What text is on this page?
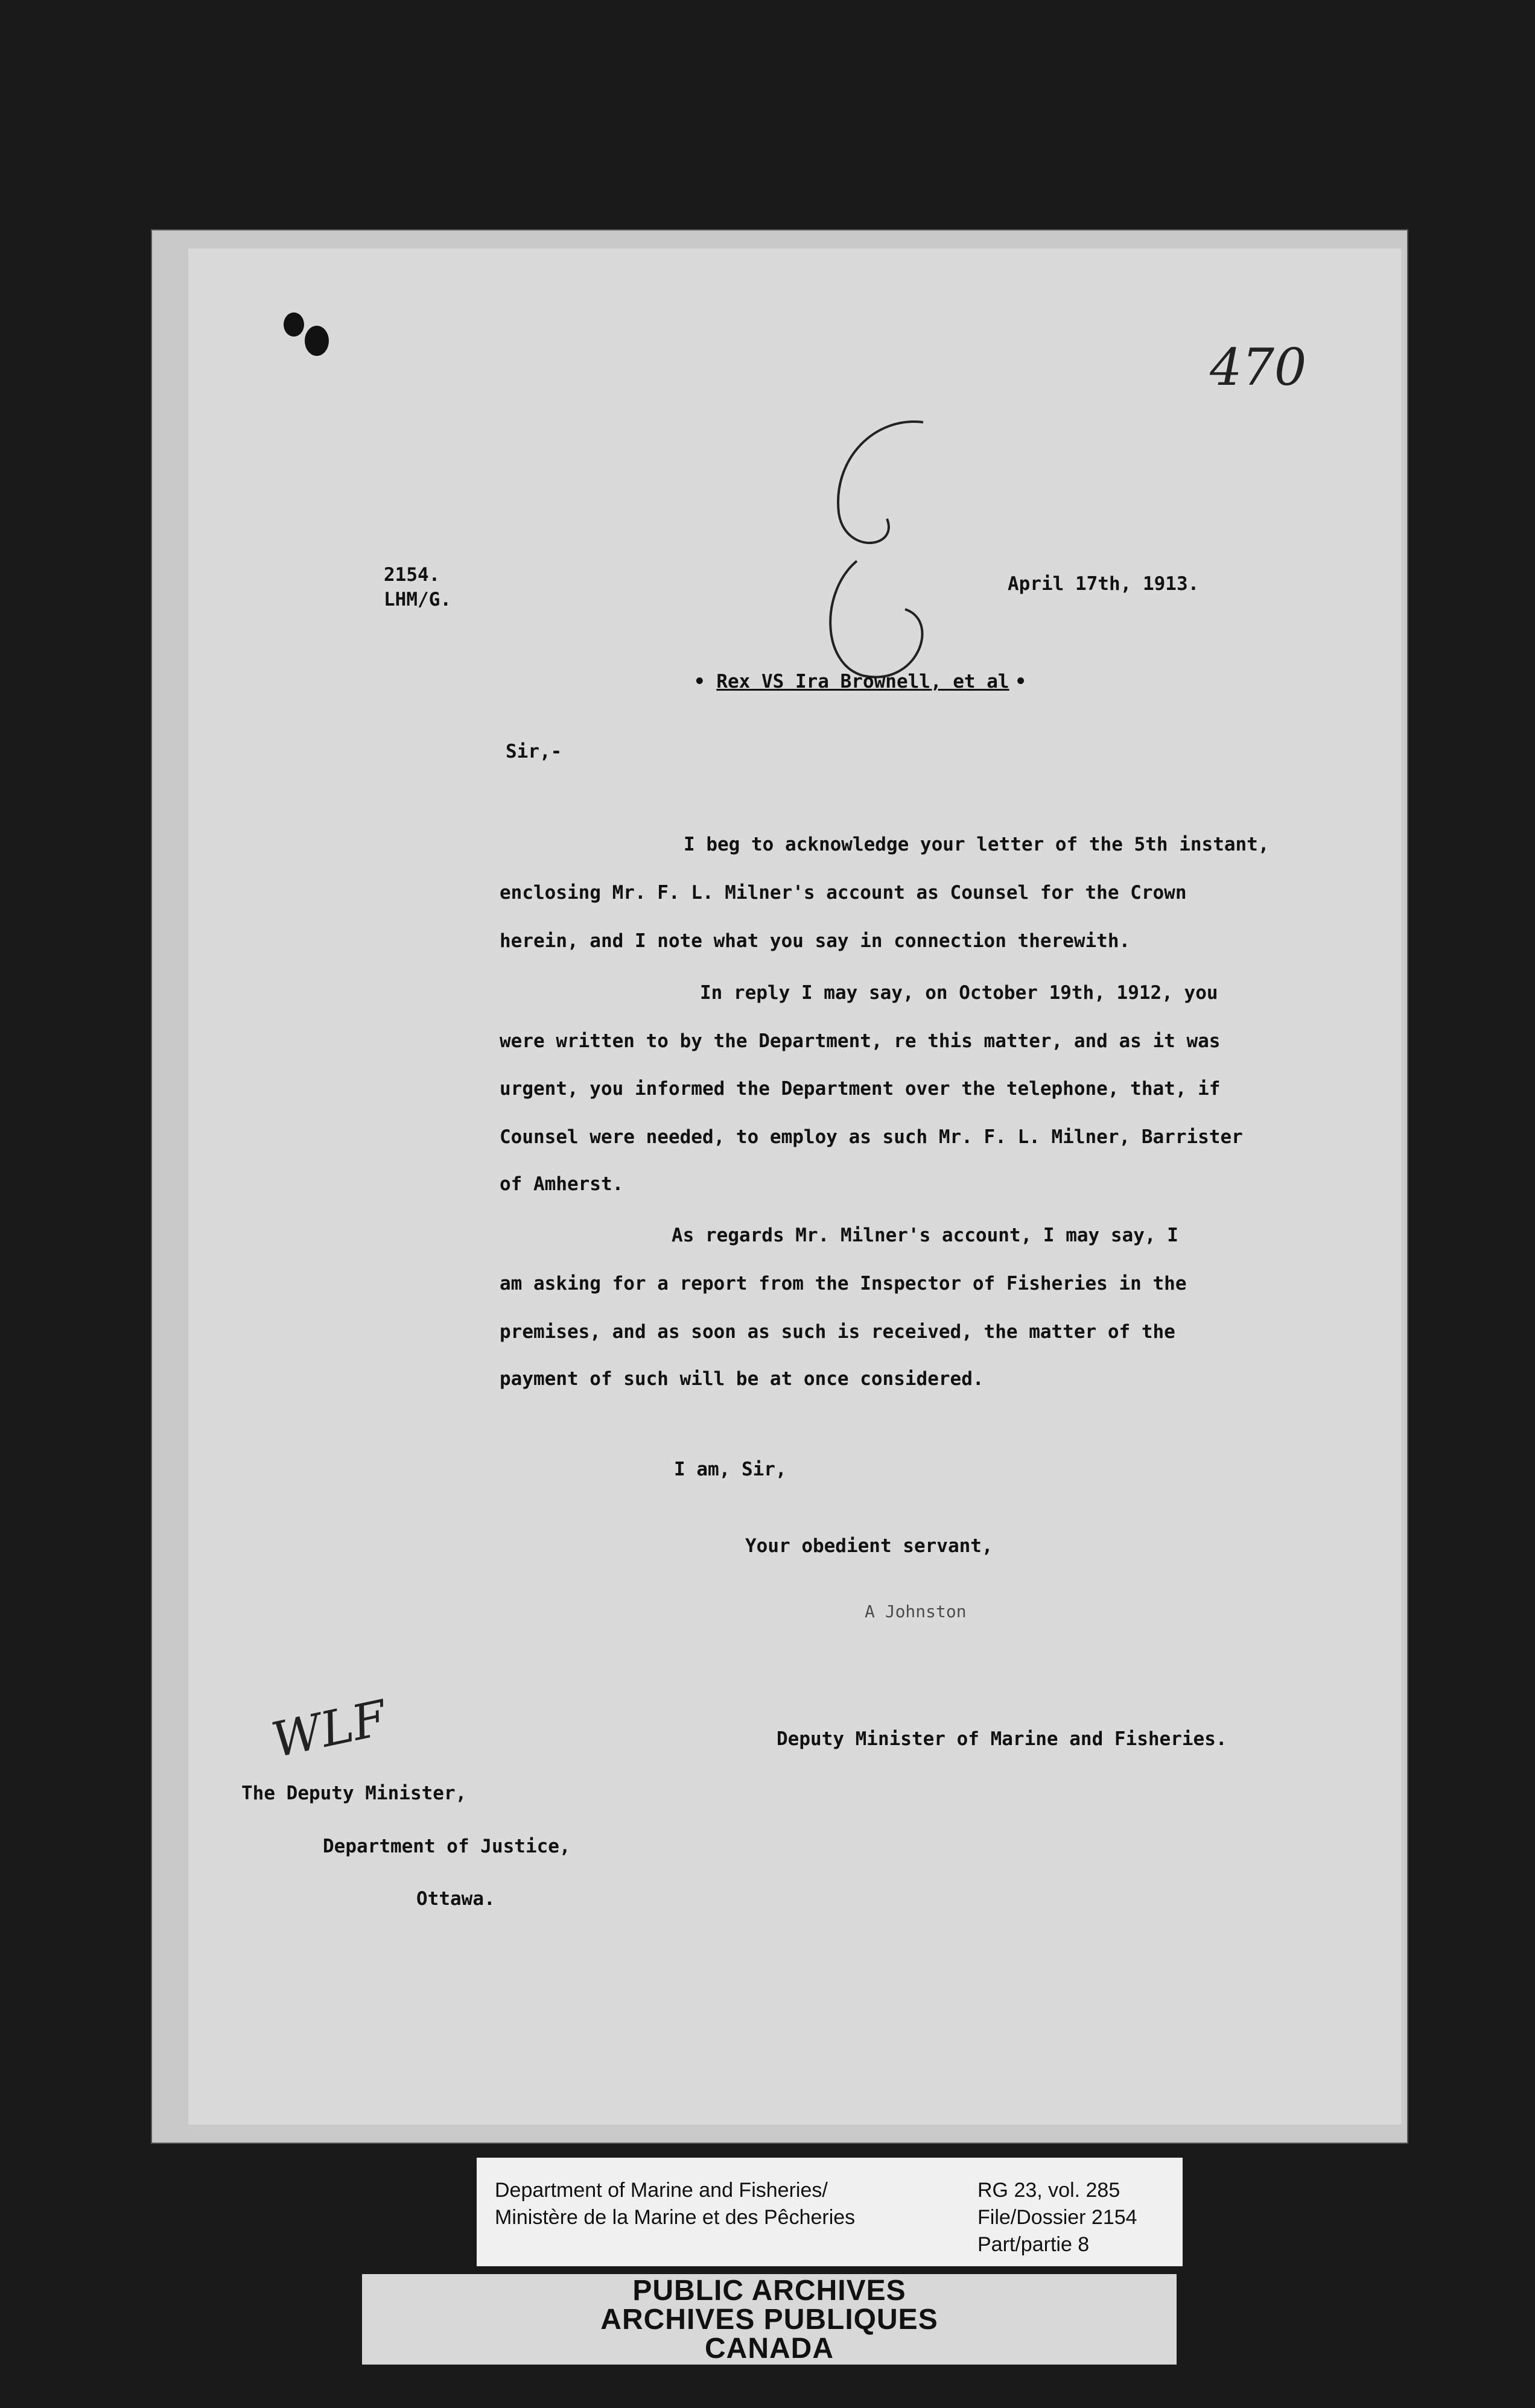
470
2154.
LHM/G.
April 17th, 1913.
• Rex VS Ira Brownell, et al •
Sir,-
I beg to acknowledge your letter of the 5th instant,
enclosing Mr. F. L. Milner's account as Counsel for the Crown
herein, and I note what you say in connection therewith.
In reply I may say, on October 19th, 1912, you
were written to by the Department, re this matter, and as it was
urgent, you informed the Department over the telephone, that, if
Counsel were needed, to employ as such Mr. F. L. Milner, Barrister
of Amherst.
As regards Mr. Milner's account, I may say, I
am asking for a report from the Inspector of Fisheries in the
premises, and as soon as such is received, the matter of the
payment of such will be at once considered.
I am, Sir,
Your obedient servant,
A Johnston
Deputy Minister of Marine and Fisheries.
WLF
The Deputy Minister,
Department of Justice,
Ottawa.
Department of Marine and Fisheries/
Ministère de la Marine et des Pêcheries
RG 23, vol. 285
File/Dossier 2154
Part/partie 8
PUBLIC ARCHIVES
ARCHIVES PUBLIQUES
CANADA
